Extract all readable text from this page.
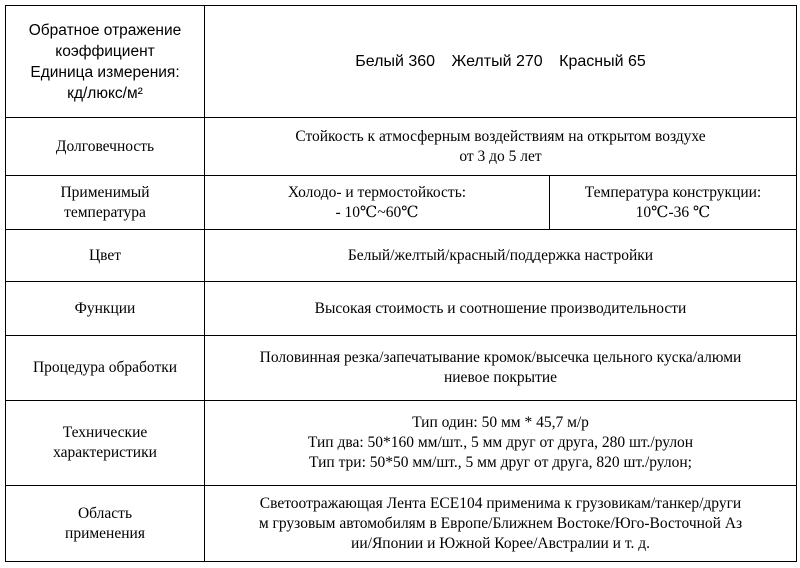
Обратное отражение
коэффициент
Единица измерения:
кд/люкс/м²	Белый 360 Желтый 270 Красный 65	
Долговечность	Стойкость к атмосферным воздействиям на открытом воздухе
от 3 до 5 лет	

Применимый
температура	Холодо- и термостойкость:
- 10℃~60℃	Температура конструкции:
10℃-36 ℃

Цвет	Белый/желтый/красный/поддержка настройки	
Функции	Высокая стоимость и соотношение производительности	
Процедура обработки	Половинная резка/запечатывание кромок/высечка цельного куска/алюми
ниевое покрытие	

Технические
характеристики	Тип один: 50 мм * 45,7 м/р
Тип два: 50*160 мм/шт., 5 мм друг от друга, 280 шт./рулон
Тип три: 50*50 мм/шт., 5 мм друг от друга, 820 шт./рулон;	

Область
применения	Светоотражающая Лента ECE104 применима к грузовикам/танкер/други
м грузовым автомобилям в Европе/Ближнем Востоке/Юго-Восточной Аз
ии/Японии и Южной Корее/Австралии и т. д.	
